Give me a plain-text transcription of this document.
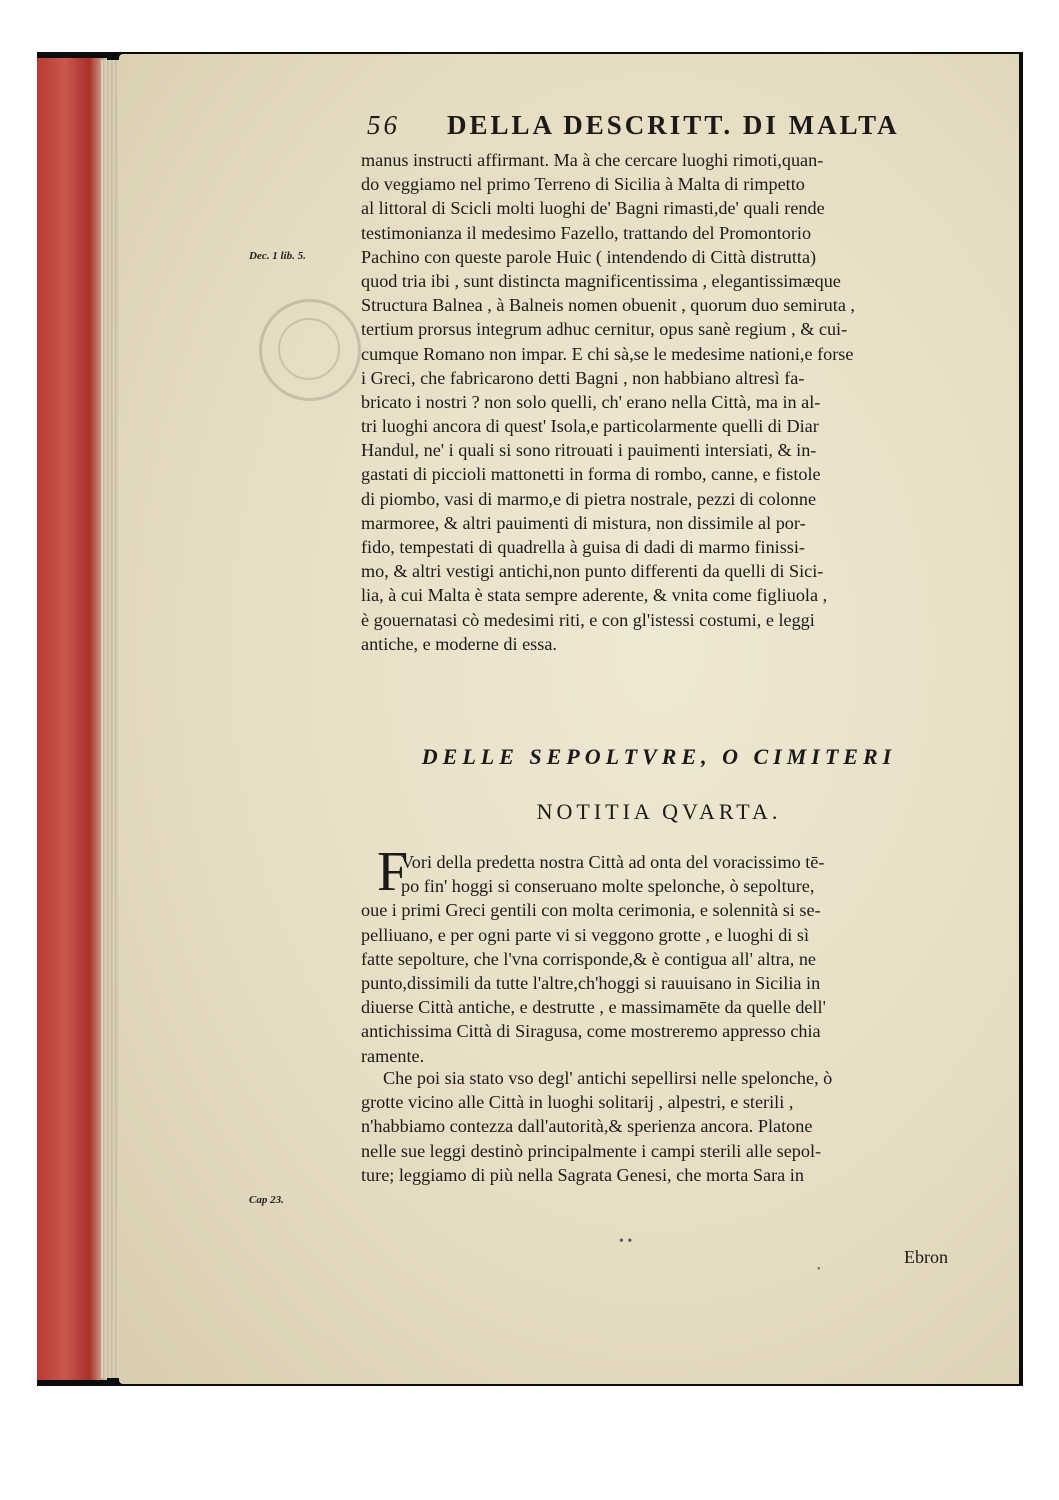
56 DELLA DESCRITT. DI MALTA
Dec. 1 lib. 5.
Cap 23.
manus instructi affirmant. Ma à che cercare luoghi rimoti,quan-
do veggiamo nel primo Terreno di Sicilia à Malta di rimpetto
al littoral di Scicli molti luoghi de' Bagni rimasti,de' quali rende
testimonianza il medesimo Fazello, trattando del Promontorio
Pachino con queste parole Huic ( intendendo di Città distrutta)
quod tria ibi , sunt distincta magnificentissima , elegantissimæque
Structura Balnea , à Balneis nomen obuenit , quorum duo semiruta ,
tertium prorsus integrum adhuc cernitur, opus sanè regium , & cui-
cumque Romano non impar. E chi sà,se le medesime nationi,e forse
i Greci, che fabricarono detti Bagni , non habbiano altresì fa-
bricato i nostri ? non solo quelli, ch' erano nella Città, ma in al-
tri luoghi ancora di quest' Isola,e particolarmente quelli di Diar
Handul, ne' i quali si sono ritrouati i pauimenti intersiati, & in-
gastati di piccioli mattonetti in forma di rombo, canne, e fistole
di piombo, vasi di marmo,e di pietra nostrale, pezzi di colonne
marmoree, & altri pauimenti di mistura, non dissimile al por-
fido, tempestati di quadrella à guisa di dadi di marmo finissi-
mo, & altri vestigi antichi,non punto differenti da quelli di Sici-
lia, à cui Malta è stata sempre aderente, & vnita come figliuola ,
è gouernatasi cò medesimi riti, e con gl'istessi costumi, e leggi
antiche, e moderne di essa.
DELLE SEPOLTVRE, O CIMITERI
NOTITIA QVARTA.
F
Vori della predetta nostra Città ad onta del voracissimo tē-
po fin' hoggi si conseruano molte spelonche, ò sepolture,
oue i primi Greci gentili con molta cerimonia, e solennità si se-
pelliuano, e per ogni parte vi si veggono grotte , e luoghi di sì
fatte sepolture, che l'vna corrisponde,& è contigua all' altra, ne
punto,dissimili da tutte l'altre,ch'hoggi si rauuisano in Sicilia in
diuerse Città antiche, e destrutte , e massimamēte da quelle dell'
antichissima Città di Siragusa, come mostreremo appresso chia
ramente.
Che poi sia stato vso degl' antichi sepellirsi nelle spelonche, ò
grotte vicino alle Città in luoghi solitarij , alpestri, e sterili ,
n'habbiamo contezza dall'autorità,& sperienza ancora. Platone
nelle sue leggi destinò principalmente i campi sterili alle sepol-
ture; leggiamo di più nella Sagrata Genesi, che morta Sara in
• •
•
Ebron
